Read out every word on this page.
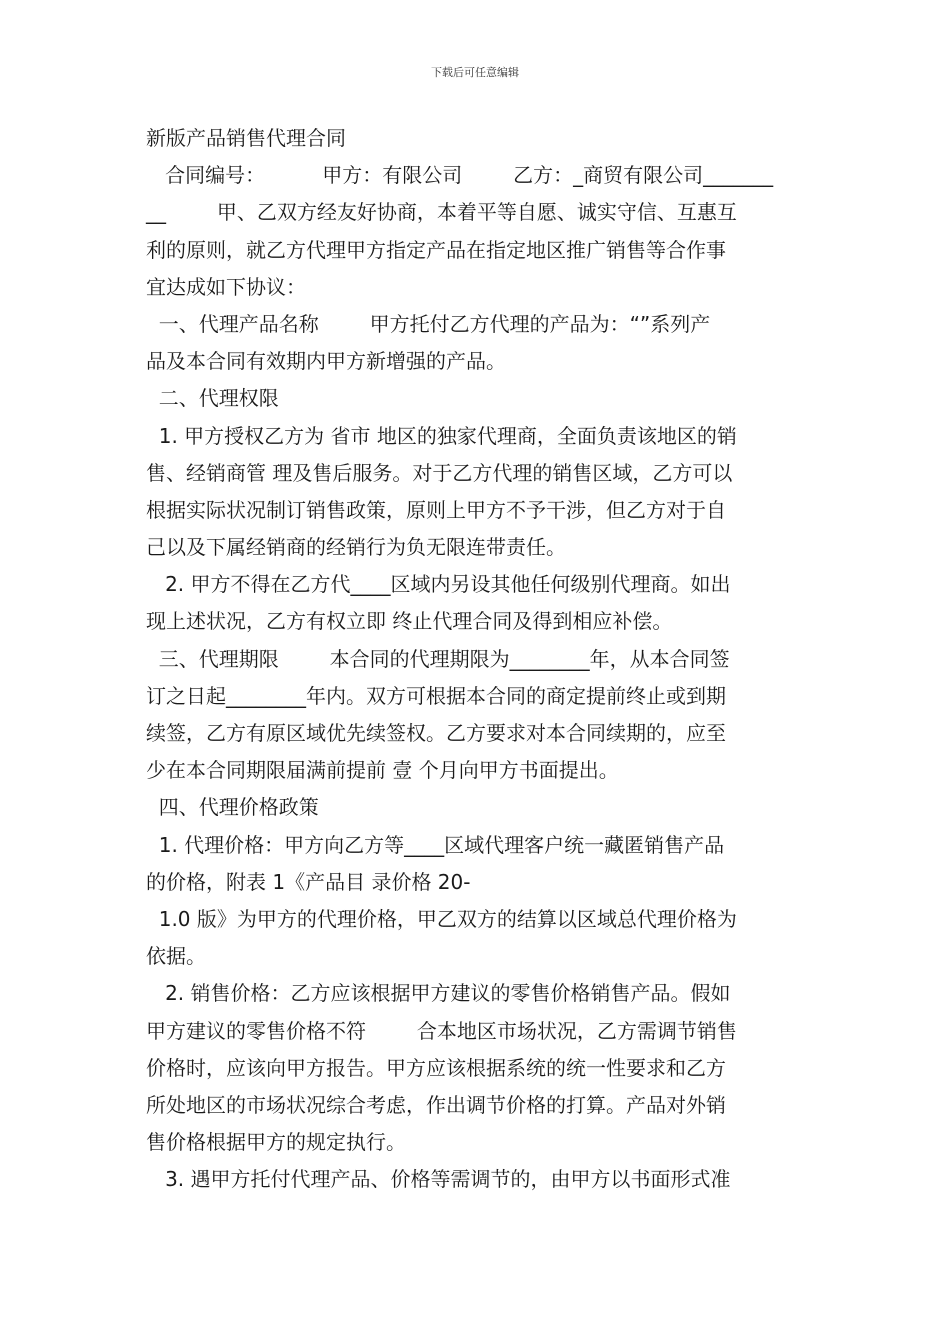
下载后可任意编辑
新版产品销售代理合同
合同编号：         甲方：有限公司        乙方：_商贸有限公司_______
__        甲、乙双方经友好协商，本着平等自愿、诚实守信、互惠互
利的原则，就乙方代理甲方指定产品在指定地区推广销售等合作事
宜达成如下协议：
一、代理产品名称        甲方托付乙方代理的产品为：“”系列产
品及本合同有效期内甲方新增强的产品。
二、代理权限
1. 甲方授权乙方为 省市 地区的独家代理商，全面负责该地区的销
售、经销商管 理及售后服务。对于乙方代理的销售区域，乙方可以
根据实际状况制订销售政策，原则上甲方不予干涉，但乙方对于自
己以及下属经销商的经销行为负无限连带责任。
2. 甲方不得在乙方代____区域内另设其他任何级别代理商。如出
现上述状况，乙方有权立即 终止代理合同及得到相应补偿。
三、代理期限        本合同的代理期限为________年，从本合同签
订之日起________年内。双方可根据本合同的商定提前终止或到期
续签，乙方有原区域优先续签权。乙方要求对本合同续期的，应至
少在本合同期限届满前提前 壹 个月向甲方书面提出。
四、代理价格政策
1. 代理价格：甲方向乙方等____区域代理客户统一藏匿销售产品
的价格，附表 1《产品目 录价格 20-
1.0 版》为甲方的代理价格，甲乙双方的结算以区域总代理价格为
依据。
2. 销售价格：乙方应该根据甲方建议的零售价格销售产品。假如
甲方建议的零售价格不符        合本地区市场状况，乙方需调节销售
价格时，应该向甲方报告。甲方应该根据系统的统一性要求和乙方
所处地区的市场状况综合考虑，作出调节价格的打算。产品对外销
售价格根据甲方的规定执行。
3. 遇甲方托付代理产品、价格等需调节的，由甲方以书面形式准
